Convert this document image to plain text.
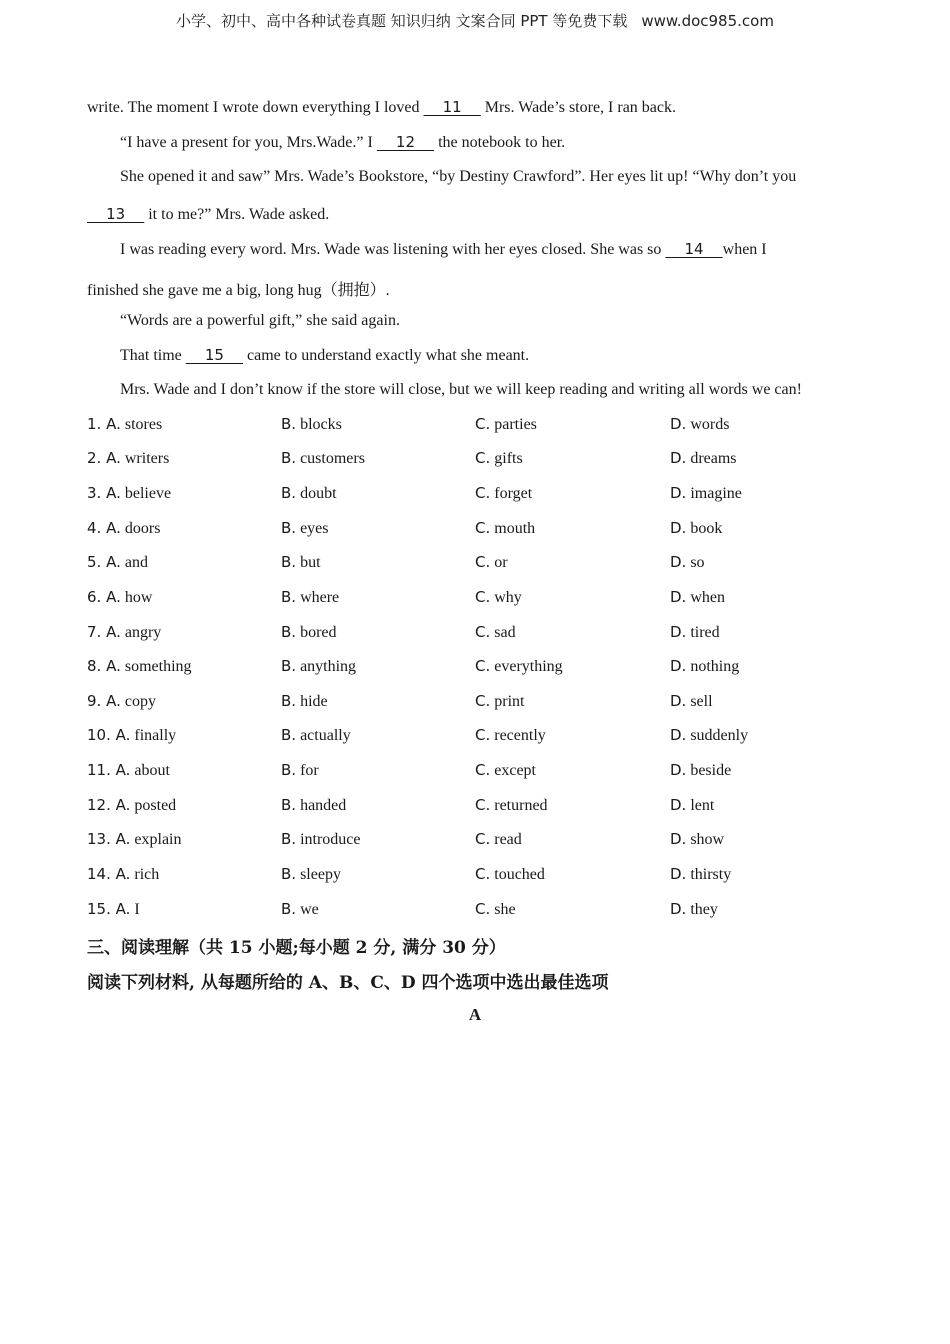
小学、初中、高中各种试卷真题 知识归纳 文案合同 PPT 等免费下载 www.doc985.com
write. The moment I wrote down everything I loved     11     Mrs. Wade’s store, I ran back.
“I have a present for you, Mrs.Wade.” I     12     the notebook to her.
She opened it and saw” Mrs. Wade’s Bookstore, “by Destiny Crawford”. Her eyes lit up! “Why don’t you
13     it to me?” Mrs. Wade asked.
I was reading every word. Mrs. Wade was listening with her eyes closed. She was so     14    when I
finished she gave me a big, long hug（拥抱）.
“Words are a powerful gift,” she said again.
That time     15     came to understand exactly what she meant.
Mrs. Wade and I don’t know if the store will close, but we will keep reading and writing all words we can!
1. A. stores	B. blocks	C. parties	D. words
2. A. writers	B. customers	C. gifts	D. dreams
3. A. believe	B. doubt	C. forget	D. imagine
4. A. doors	B. eyes	C. mouth	D. book
5. A. and	B. but	C. or	D. so
6. A. how	B. where	C. why	D. when
7. A. angry	B. bored	C. sad	D. tired
8. A. something	B. anything	C. everything	D. nothing
9. A. copy	B. hide	C. print	D. sell
10. A. finally	B. actually	C. recently	D. suddenly
11. A. about	B. for	C. except	D. beside
12. A. posted	B. handed	C. returned	D. lent
13. A. explain	B. introduce	C. read	D. show
14. A. rich	B. sleepy	C. touched	D. thirsty
15. A. I	B. we	C. she	D. they
三、阅读理解（共 15 小题;每小题 2 分, 满分 30 分）
阅读下列材料, 从每题所给的 A、B、C、D 四个选项中选出最佳选项
A
